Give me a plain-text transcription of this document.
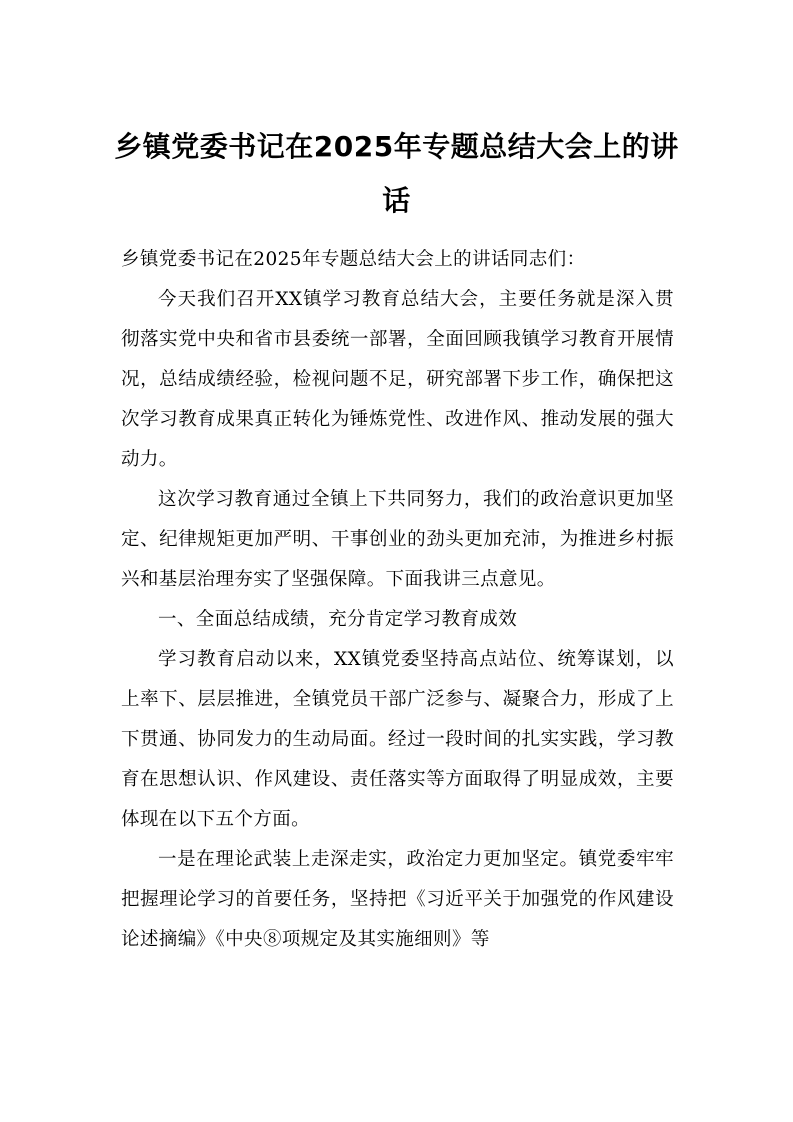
乡镇党委书记在2025年专题总结大会上的讲话

乡镇党委书记在2025年专题总结大会上的讲话同志们：

今天我们召开XX镇学习教育总结大会，主要任务就是深入贯彻落实党中央和省市县委统一部署，全面回顾我镇学习教育开展情况，总结成绩经验，检视问题不足，研究部署下步工作，确保把这次学习教育成果真正转化为锤炼党性、改进作风、推动发展的强大动力。

这次学习教育通过全镇上下共同努力，我们的政治意识更加坚定、纪律规矩更加严明、干事创业的劲头更加充沛，为推进乡村振兴和基层治理夯实了坚强保障。下面我讲三点意见。

一、全面总结成绩，充分肯定学习教育成效

学习教育启动以来，XX镇党委坚持高点站位、统筹谋划，以上率下、层层推进，全镇党员干部广泛参与、凝聚合力，形成了上下贯通、协同发力的生动局面。经过一段时间的扎实实践，学习教育在思想认识、作风建设、责任落实等方面取得了明显成效，主要体现在以下五个方面。

一是在理论武装上走深走实，政治定力更加坚定。镇党委牢牢把握理论学习的首要任务，坚持把《习近平关于加强党的作风建设论述摘编》《中央⑧项规定及其实施细则》等
